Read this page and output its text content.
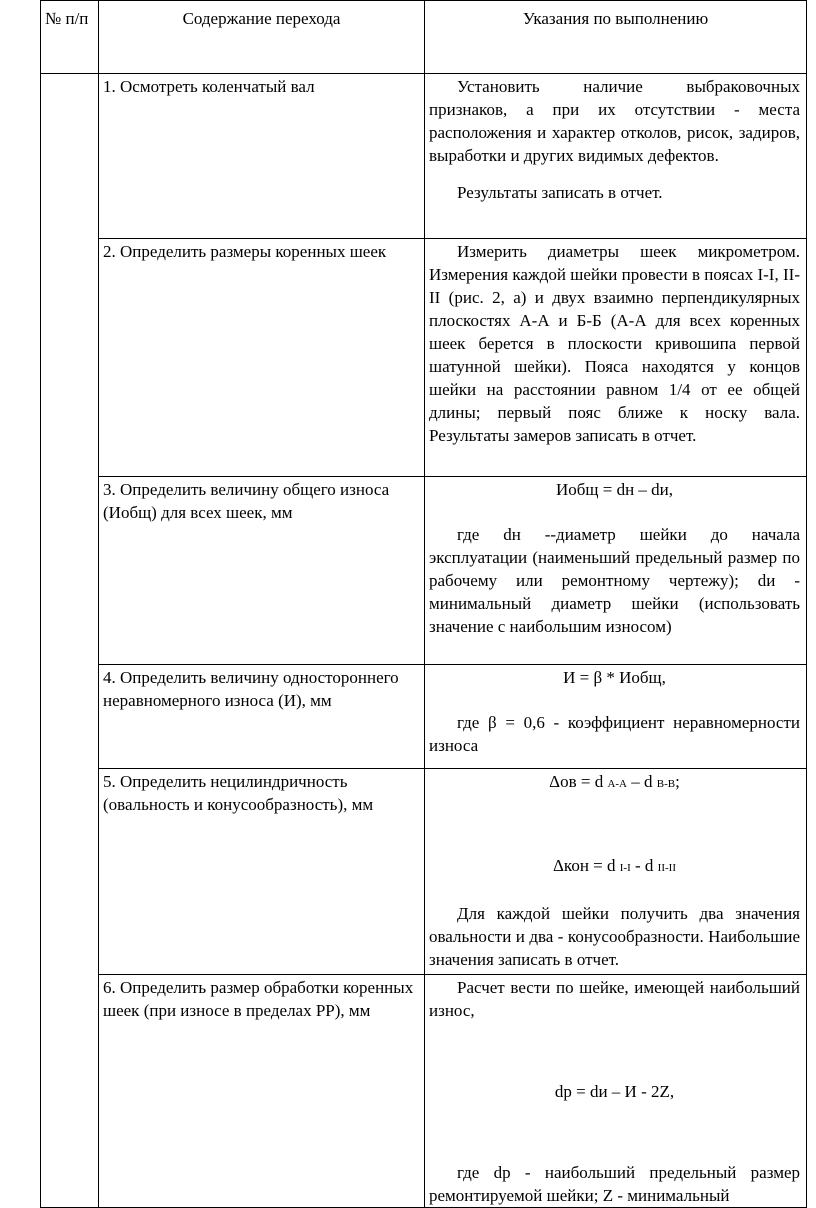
№ п/п	Содержание перехода	Указания по выполнению
	1. Осмотреть коленчатый вал	Установить наличие выбраковочных признаков, а при их отсутствии - места расположения и характер отколов, рисок, задиров, выработки и других видимых дефектов.

Результаты записать в отчет.

	2. Определить размеры коренных шеек	Измерить диаметры шеек микрометром. Измерения каждой шейки провести в поясах I-I, II-II (рис. 2, а) и двух взаимно перпендикулярных плоскостях А-А и Б-Б (А-А для всех коренных шеек берется в плоскости кривошипа первой шатунной шейки). Пояса находятся у концов шейки на расстоянии равном 1/4 от ее общей длины; первый пояс ближе к носку вала. Результаты замеров записать в отчет.

	3. Определить величину общего износа (Иобщ) для всех шеек, мм	Иобщ = dн – dи,

где dн --диаметр шейки до начала эксплуатации (наименьший предельный размер по рабочему или ремонтному чертежу); dи - минимальный диаметр шейки (использовать значение с наибольшим износом)

	4. Определить величину одностороннего неравномерного износа (И), мм	И = β * Иобщ,

где β = 0,6 - коэффициент неравномерности износа

	5. Определить нецилиндричность (овальность и конусообразность), мм	Δов = d А-А – d В-В;

Δкон = d I-I - d II-II

Для каждой шейки получить два значения овальности и два - конусообразности. Наибольшие значения записать в отчет.

	6. Определить размер обработки коренных шеек (при износе в пределах РР), мм	Расчет вести по шейке, имеющей наибольший износ,

dр = dи – И - 2Z,

где dр - наибольший предельный размер ремонтируемой шейки; Z - минимальный
